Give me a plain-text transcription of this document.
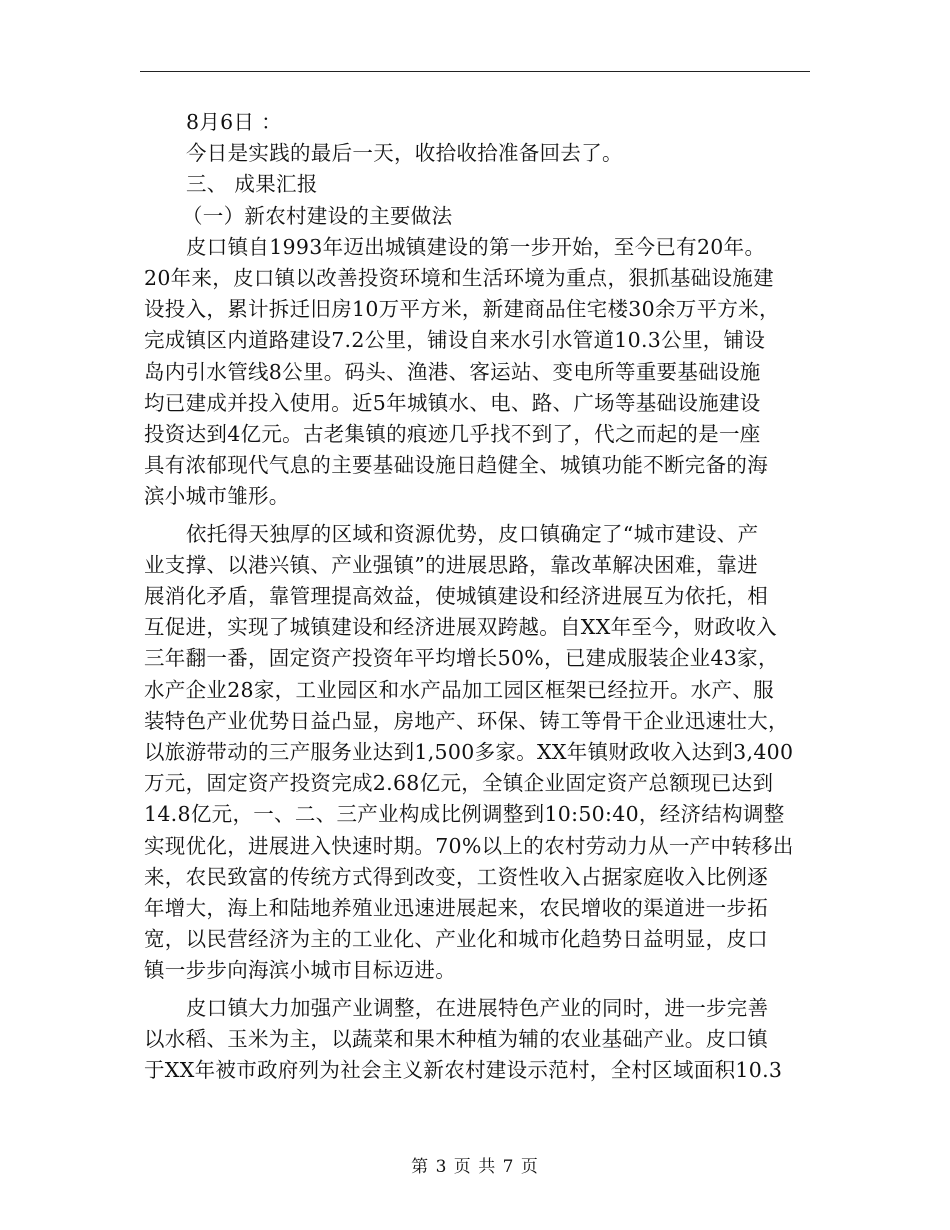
8月6日 ：

今日是实践的最后一天，收拾收拾准备回去了。

三、 成果汇报

（一）新农村建设的主要做法

皮口镇自1993年迈出城镇建设的第一步开始，至今已有20年。

20年来，皮口镇以改善投资环境和生活环境为重点，狠抓基础设施建

设投入，累计拆迁旧房10万平方米，新建商品住宅楼30余万平方米，

完成镇区内道路建设7.2公里，铺设自来水引水管道10.3公里，铺设

岛内引水管线8公里。码头、渔港、客运站、变电所等重要基础设施

均已建成并投入使用。近5年城镇水、电、路、广场等基础设施建设

投资达到4亿元。古老集镇的痕迹几乎找不到了，代之而起的是一座

具有浓郁现代气息的主要基础设施日趋健全、城镇功能不断完备的海

滨小城市雏形。

依托得天独厚的区域和资源优势，皮口镇确定了“城市建设、产

业支撑、以港兴镇、产业强镇”的进展思路，靠改革解决困难，靠进

展消化矛盾，靠管理提高效益，使城镇建设和经济进展互为依托，相

互促进，实现了城镇建设和经济进展双跨越。自XX年至今，财政收入

三年翻一番，固定资产投资年平均增长50%，已建成服装企业43家，

水产企业28家，工业园区和水产品加工园区框架已经拉开。水产、服

装特色产业优势日益凸显，房地产、环保、铸工等骨干企业迅速壮大，

以旅游带动的三产服务业达到1,500多家。XX年镇财政收入达到3,400

万元，固定资产投资完成2.68亿元，全镇企业固定资产总额现已达到

14.8亿元，一、二、三产业构成比例调整到10:50:40，经济结构调整

实现优化，进展进入快速时期。70%以上的农村劳动力从一产中转移出

来，农民致富的传统方式得到改变，工资性收入占据家庭收入比例逐

年增大，海上和陆地养殖业迅速进展起来，农民增收的渠道进一步拓

宽，以民营经济为主的工业化、产业化和城市化趋势日益明显，皮口

镇一步步向海滨小城市目标迈进。

皮口镇大力加强产业调整，在进展特色产业的同时，进一步完善

以水稻、玉米为主，以蔬菜和果木种植为辅的农业基础产业。皮口镇

于XX年被市政府列为社会主义新农村建设示范村，全村区域面积10.3

第 3 页 共 7 页
